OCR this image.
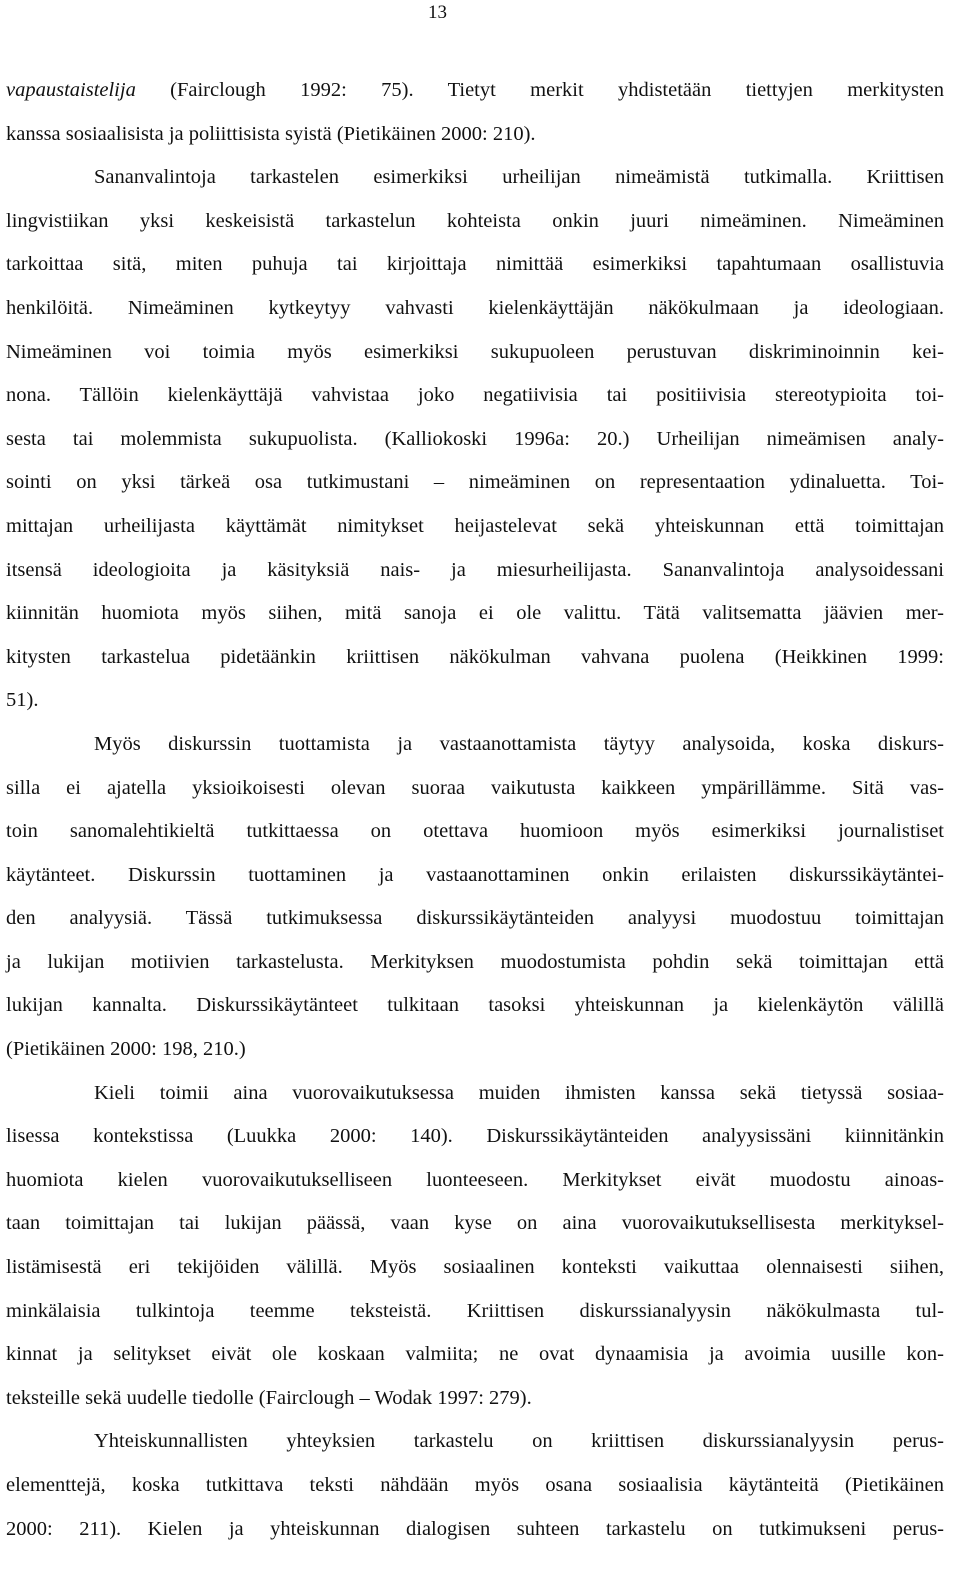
13
vapaustaistelija (Fairclough 1992: 75). Tietyt merkit yhdistetään tiettyjen merkitysten
kanssa sosiaalisista ja poliittisista syistä (Pietikäinen 2000: 210).
Sananvalintoja tarkastelen esimerkiksi urheilijan nimeämistä tutkimalla. Kriittisen
lingvistiikan yksi keskeisistä tarkastelun kohteista onkin juuri nimeäminen. Nimeäminen
tarkoittaa sitä, miten puhuja tai kirjoittaja nimittää esimerkiksi tapahtumaan osallistuvia
henkilöitä. Nimeäminen kytkeytyy vahvasti kielenkäyttäjän näkökulmaan ja ideologiaan.
Nimeäminen voi toimia myös esimerkiksi sukupuoleen perustuvan diskriminoinnin kei-
nona. Tällöin kielenkäyttäjä vahvistaa joko negatiivisia tai positiivisia stereotypioita toi-
sesta tai molemmista sukupuolista. (Kalliokoski 1996a: 20.) Urheilijan nimeämisen analy-
sointi on yksi tärkeä osa tutkimustani – nimeäminen on representaation ydinaluetta. Toi-
mittajan urheilijasta käyttämät nimitykset heijastelevat sekä yhteiskunnan että toimittajan
itsensä ideologioita ja käsityksiä nais- ja miesurheilijasta. Sananvalintoja analysoidessani
kiinnitän huomiota myös siihen, mitä sanoja ei ole valittu. Tätä valitsematta jäävien mer-
kitysten tarkastelua pidetäänkin kriittisen näkökulman vahvana puolena (Heikkinen 1999:
51).
Myös diskurssin tuottamista ja vastaanottamista täytyy analysoida, koska diskurs-
silla ei ajatella yksioikoisesti olevan suoraa vaikutusta kaikkeen ympärillämme. Sitä vas-
toin sanomalehtikieltä tutkittaessa on otettava huomioon myös esimerkiksi journalistiset
käytänteet. Diskurssin tuottaminen ja vastaanottaminen onkin erilaisten diskurssikäytäntei-
den analyysiä. Tässä tutkimuksessa diskurssikäytänteiden analyysi muodostuu toimittajan
ja lukijan motiivien tarkastelusta. Merkityksen muodostumista pohdin sekä toimittajan että
lukijan kannalta. Diskurssikäytänteet tulkitaan tasoksi yhteiskunnan ja kielenkäytön välillä
(Pietikäinen 2000: 198, 210.)
Kieli toimii aina vuorovaikutuksessa muiden ihmisten kanssa sekä tietyssä sosiaa-
lisessa kontekstissa (Luukka 2000: 140). Diskurssikäytänteiden analyysissäni kiinnitänkin
huomiota kielen vuorovaikutukselliseen luonteeseen. Merkitykset eivät muodostu ainoas-
taan toimittajan tai lukijan päässä, vaan kyse on aina vuorovaikutuksellisesta merkityksel-
listämisestä eri tekijöiden välillä. Myös sosiaalinen konteksti vaikuttaa olennaisesti siihen,
minkälaisia tulkintoja teemme teksteistä. Kriittisen diskurssianalyysin näkökulmasta tul-
kinnat ja selitykset eivät ole koskaan valmiita; ne ovat dynaamisia ja avoimia uusille kon-
teksteille sekä uudelle tiedolle (Fairclough – Wodak 1997: 279).
Yhteiskunnallisten yhteyksien tarkastelu on kriittisen diskurssianalyysin perus-
elementtejä, koska tutkittava teksti nähdään myös osana sosiaalisia käytänteitä (Pietikäinen
2000: 211). Kielen ja yhteiskunnan dialogisen suhteen tarkastelu on tutkimukseni perus-
